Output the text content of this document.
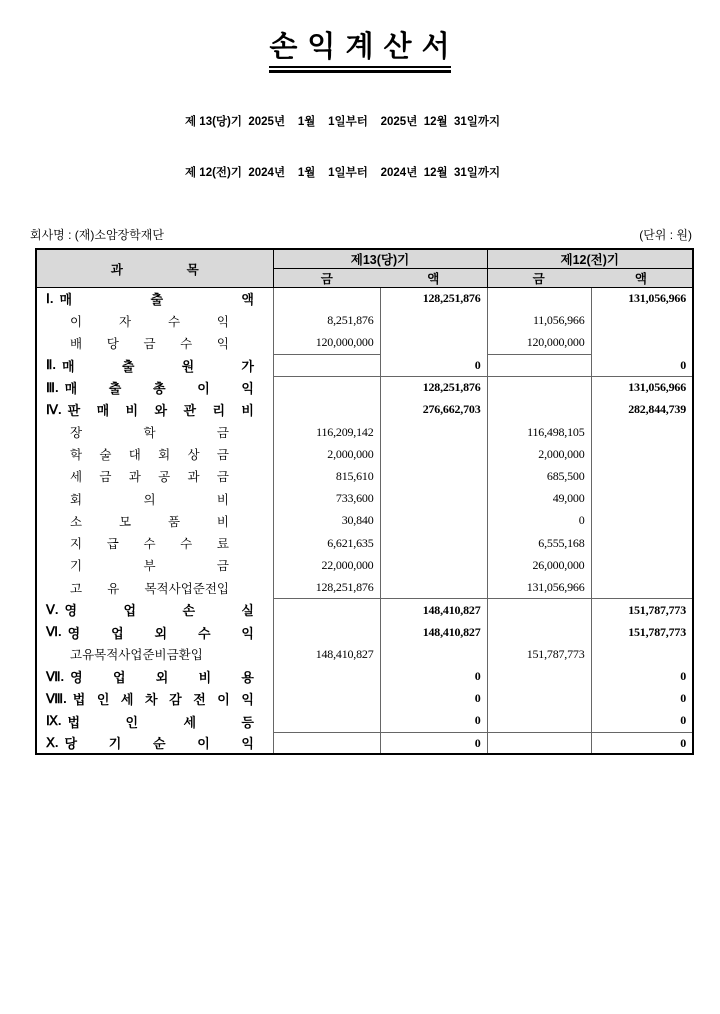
손 익 계 산 서

제 13(당)기  2025년    1월    1일부터    2025년  12월  31일까지

제 12(전)기  2024년    1월    1일부터    2024년  12월  31일까지

회사명 : (재)소암장학재단	(단위 : 원)
과 목	제13(당)기		제12(전)기	

	금 액		금 액	

Ⅰ. 매 출 액		128,251,876		131,056,966

이 자 수 익	8,251,876		11,056,966	

배 당 금 수 익	120,000,000		120,000,000	

Ⅱ. 매 출 원 가		0		0

Ⅲ. 매 출 총 이 익		128,251,876		131,056,966

Ⅳ. 판 매 비 와 관 리 비		276,662,703		282,844,739

장 학 금	116,209,142		116,498,105	

학 술 대 회 상 금	2,000,000		2,000,000	

세 금 과 공 과 금	815,610		685,500	

회 의 비	733,600		49,000	

소 모 품 비	30,840		0	

지 급 수 수 료	6,621,635		6,555,168	

기 부 금	22,000,000		26,000,000	

고 유 목적사업준전입	128,251,876		131,056,966	

Ⅴ. 영 업 손 실		148,410,827		151,787,773

Ⅵ. 영 업 외 수 익		148,410,827		151,787,773

고유목적사업준비금환입	148,410,827		151,787,773	

Ⅶ. 영 업 외 비 용		0		0

Ⅷ. 법 인 세 차 감 전 이 익		0		0

Ⅸ. 법 인 세 등		0		0

Ⅹ. 당 기 순 이 익		0		0
